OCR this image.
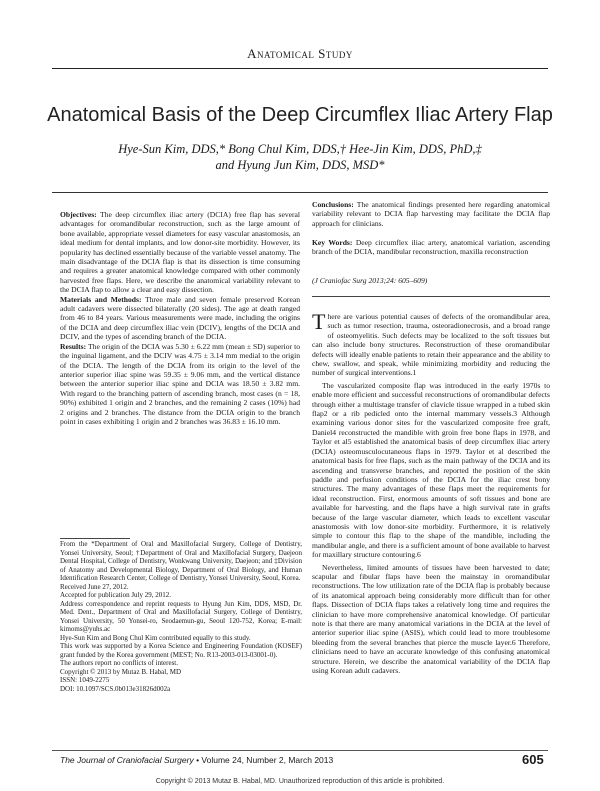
Anatomical Study
Anatomical Basis of the Deep Circumflex Iliac Artery Flap
Hye-Sun Kim, DDS,* Bong Chul Kim, DDS,† Hee-Jin Kim, DDS, PhD,‡
and Hyung Jun Kim, DDS, MSD*

Objectives: The deep circumflex iliac artery (DCIA) free flap has several advantages for oromandibular reconstruction, such as the large amount of bone available, appropriate vessel diameters for easy vascular anastomosis, an ideal medium for dental implants, and low donor-site morbidity. However, its popularity has declined essentially because of the variable vessel anatomy. The main disadvantage of the DCIA flap is that its dissection is time consuming and requires a greater anatomical knowledge compared with other commonly harvested free flaps. Here, we describe the anatomical variability relevant to the DCIA flap to allow a clear and easy dissection.

Materials and Methods: Three male and seven female preserved Korean adult cadavers were dissected bilaterally (20 sides). The age at death ranged from 46 to 84 years. Various measurements were made, including the origins of the DCIA and deep circumflex iliac vein (DCIV), lengths of the DCIA and DCIV, and the types of ascending branch of the DCIA.

Results: The origin of the DCIA was 5.30 ± 6.22 mm (mean ± SD) superior to the inguinal ligament, and the DCIV was 4.75 ± 3.14 mm medial to the origin of the DCIA. The length of the DCIA from its origin to the level of the anterior superior iliac spine was 59.35 ± 9.06 mm, and the vertical distance between the anterior superior iliac spine and DCIA was 18.50 ± 3.82 mm. With regard to the branching pattern of ascending branch, most cases (n = 18, 90%) exhibited 1 origin and 2 branches, and the remaining 2 cases (10%) had 2 origins and 2 branches. The distance from the DCIA origin to the branch point in cases exhibiting 1 origin and 2 branches was 36.83 ± 16.10 mm.

Conclusions: The anatomical findings presented here regarding anatomical variability relevant to DCIA flap harvesting may facilitate the DCIA flap approach for clinicians.

Key Words: Deep circumflex iliac artery, anatomical variation, ascending branch of the DCIA, mandibular reconstruction, maxilla reconstruction

(J Craniofac Surg 2013;24: 605–609)

There are various potential causes of defects of the oromandibular area, such as tumor resection, trauma, osteoradionecrosis, and a broad range of osteomyelitis. Such defects may be localized to the soft tissues but can also include bony structures. Reconstruction of these oromandibular defects will ideally enable patients to retain their appearance and the ability to chew, swallow, and speak, while minimizing morbidity and reducing the number of surgical interventions.1

The vascularized composite flap was introduced in the early 1970s to enable more efficient and successful reconstructions of oromandibular defects through either a multistage transfer of clavicle tissue wrapped in a tubed skin flap2 or a rib pedicled onto the internal mammary vessels.3 Although examining various donor sites for the vascularized composite free graft, Daniel4 reconstructed the mandible with groin free bone flaps in 1978, and Taylor et al5 established the anatomical basis of deep circumflex iliac artery (DCIA) osteomusculocutaneous flaps in 1979. Taylor et al described the anatomical basis for free flaps, such as the main pathway of the DCIA and its ascending and transverse branches, and reported the position of the skin paddle and perfusion conditions of the DCIA for the iliac crest bony structures. The many advantages of these flaps meet the requirements for ideal reconstruction. First, enormous amounts of soft tissues and bone are available for harvesting, and the flaps have a high survival rate in grafts because of the large vascular diameter, which leads to excellent vascular anastomosis with low donor-site morbidity. Furthermore, it is relatively simple to contour this flap to the shape of the mandible, including the mandibular angle, and there is a sufficient amount of bone available to harvest for maxillary structure contouring.6

Nevertheless, limited amounts of tissues have been harvested to date; scapular and fibular flaps have been the mainstay in oromandibular reconstructions. The low utilization rate of the DCIA flap is probably because of its anatomical approach being considerably more difficult than for other flaps. Dissection of DCIA flaps takes a relatively long time and requires the clinician to have more comprehensive anatomical knowledge. Of particular note is that there are many anatomical variations in the DCIA at the level of anterior superior iliac spine (ASIS), which could lead to more troublesome bleeding from the several branches that pierce the muscle layer.6 Therefore, clinicians need to have an accurate knowledge of this confusing anatomical structure. Herein, we describe the anatomical variability of the DCIA flap using Korean adult cadavers.

From the *Department of Oral and Maxillofacial Surgery, College of Dentistry, Yonsei University, Seoul; †Department of Oral and Maxillofacial Surgery, Daejeon Dental Hospital, College of Dentistry, Wonkwang University, Daejeon; and ‡Division of Anatomy and Developmental Biology, Department of Oral Biology, and Human Identification Research Center, College of Dentistry, Yonsei University, Seoul, Korea.

Received June 27, 2012.

Accepted for publication July 29, 2012.

Address correspondence and reprint requests to Hyung Jun Kim, DDS, MSD, Dr. Med. Dent., Department of Oral and Maxillofacial Surgery, College of Dentistry, Yonsei University, 50 Yonsei-ro, Seodaemun-gu, Seoul 120-752, Korea; E-mail: kimoms@yuhs.ac

Hye-Sun Kim and Bong Chul Kim contributed equally to this study.

This work was supported by a Korea Science and Engineering Foundation (KOSEF) grant funded by the Korea government (MEST; No. R13-2003-013-03001-0).

The authors report no conflicts of interest.

Copyright © 2013 by Mutaz B. Habal, MD

ISSN: 1049-2275

DOI: 10.1097/SCS.0b013e31826d002a

The Journal of Craniofacial Surgery • Volume 24, Number 2, March 2013	605
Copyright © 2013 Mutaz B. Habal, MD. Unauthorized reproduction of this article is prohibited.
